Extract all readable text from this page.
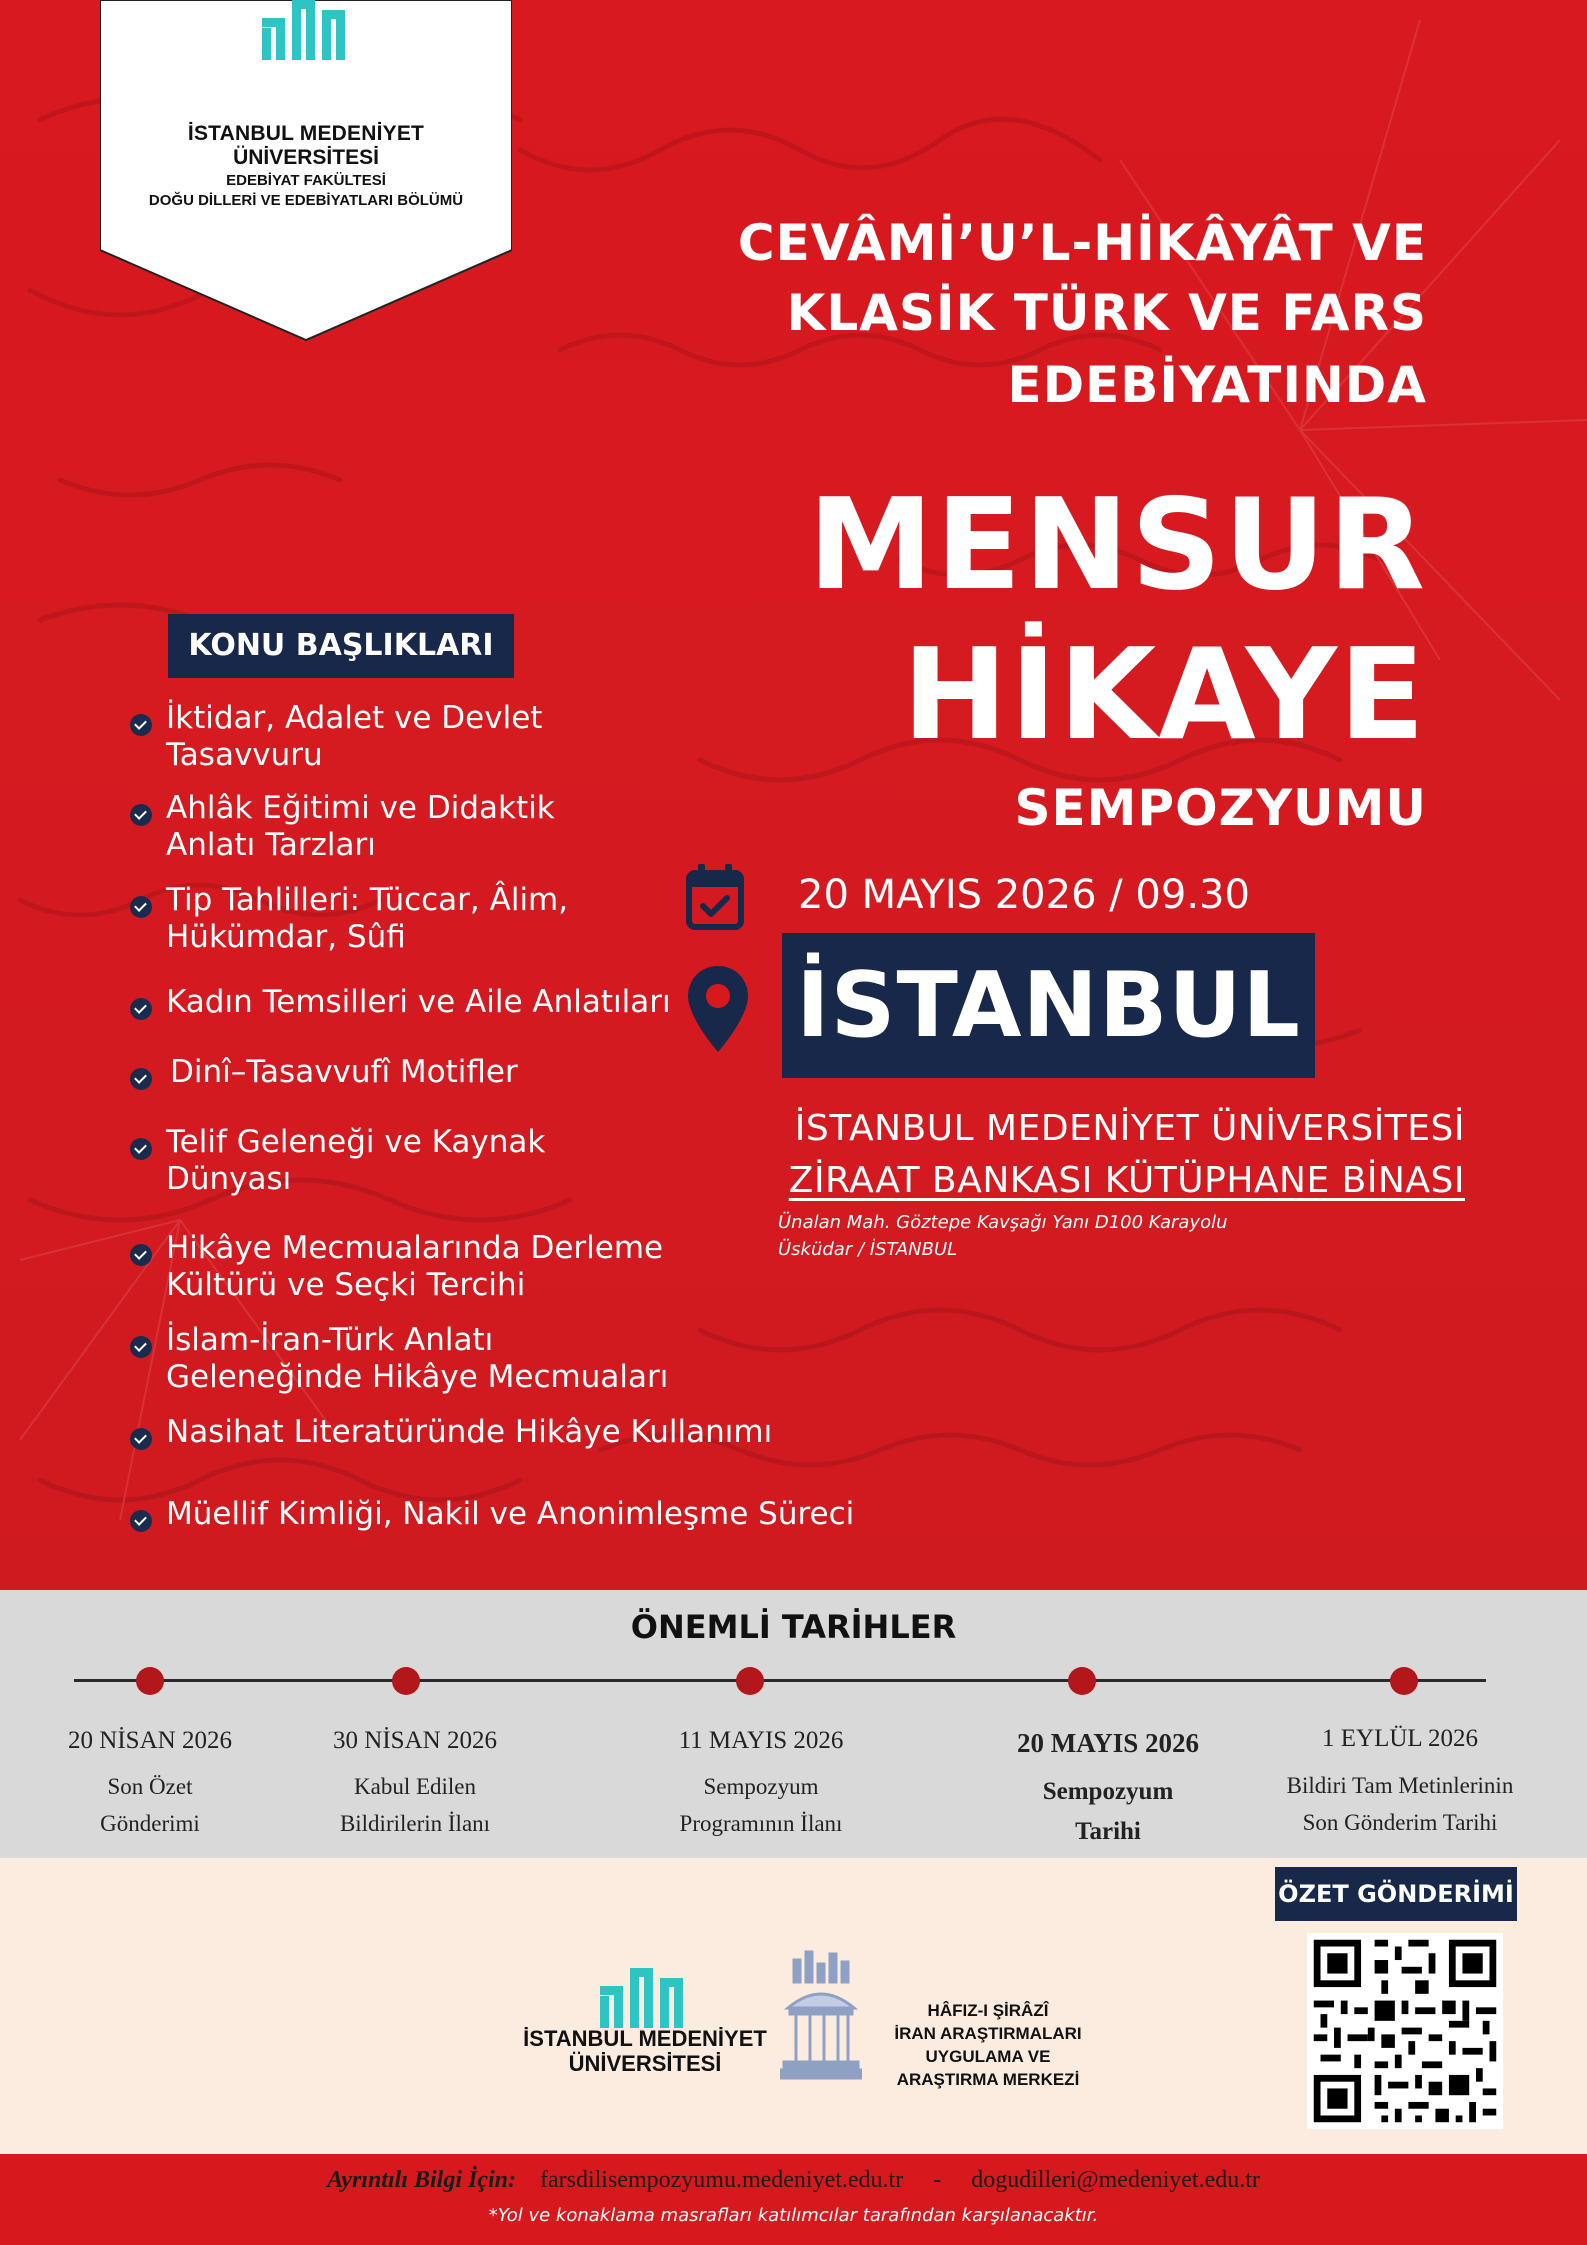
İSTANBUL MEDENİYET
ÜNİVERSİTESİ
EDEBİYAT FAKÜLTESİ
DOĞU DİLLERİ VE EDEBİYATLARI BÖLÜMÜ
CEVÂMİ’U’L-HİKÂYÂT VE
KLASİK TÜRK VE FARS
EDEBİYATINDA
MENSUR
HİKAYE
SEMPOZYUMU
20 MAYIS 2026 / 09.30
İSTANBUL
İSTANBUL MEDENİYET ÜNİVERSİTESİ
ZİRAAT BANKASI KÜTÜPHANE BİNASI
Ünalan Mah. Göztepe Kavşağı Yanı D100 Karayolu
Üsküdar / İSTANBUL
KONU BAŞLIKLARI
İktidar, Adalet ve Devlet
Tasavvuru
Ahlâk Eğitimi ve Didaktik
Anlatı Tarzları
Tip Tahlilleri: Tüccar, Âlim,
Hükümdar, Sûfi
Kadın Temsilleri ve Aile Anlatıları
Dinî–Tasavvufî Motifler
Telif Geleneği ve Kaynak
Dünyası
Hikâye Mecmualarında Derleme
Kültürü ve Seçki Tercihi
İslam-İran-Türk Anlatı
Geleneğinde Hikâye Mecmuaları
Nasihat Literatüründe Hikâye Kullanımı
Müellif Kimliği, Nakil ve Anonimleşme Süreci
ÖNEMLİ TARİHLER
20 NİSAN 2026
Son Özet
Gönderimi
30 NİSAN 2026
Kabul Edilen
Bildirilerin İlanı
11 MAYIS 2026
Sempozyum
Programının İlanı
20 MAYIS 2026
Sempozyum
Tarihi
1 EYLÜL 2026
Bildiri Tam Metinlerinin
Son Gönderim Tarihi
İSTANBUL MEDENİYET
ÜNİVERSİTESİ
HÂFIZ-I ŞİRÂZÎ
İRAN ARAŞTIRMALARI
UYGULAMA VE
ARAŞTIRMA MERKEZİ
ÖZET GÖNDERİMİ
Ayrıntılı Bilgi İçin: farsdilisempozyumu.medeniyet.edu.tr - dogudilleri@medeniyet.edu.tr
*Yol ve konaklama masrafları katılımcılar tarafından karşılanacaktır.
